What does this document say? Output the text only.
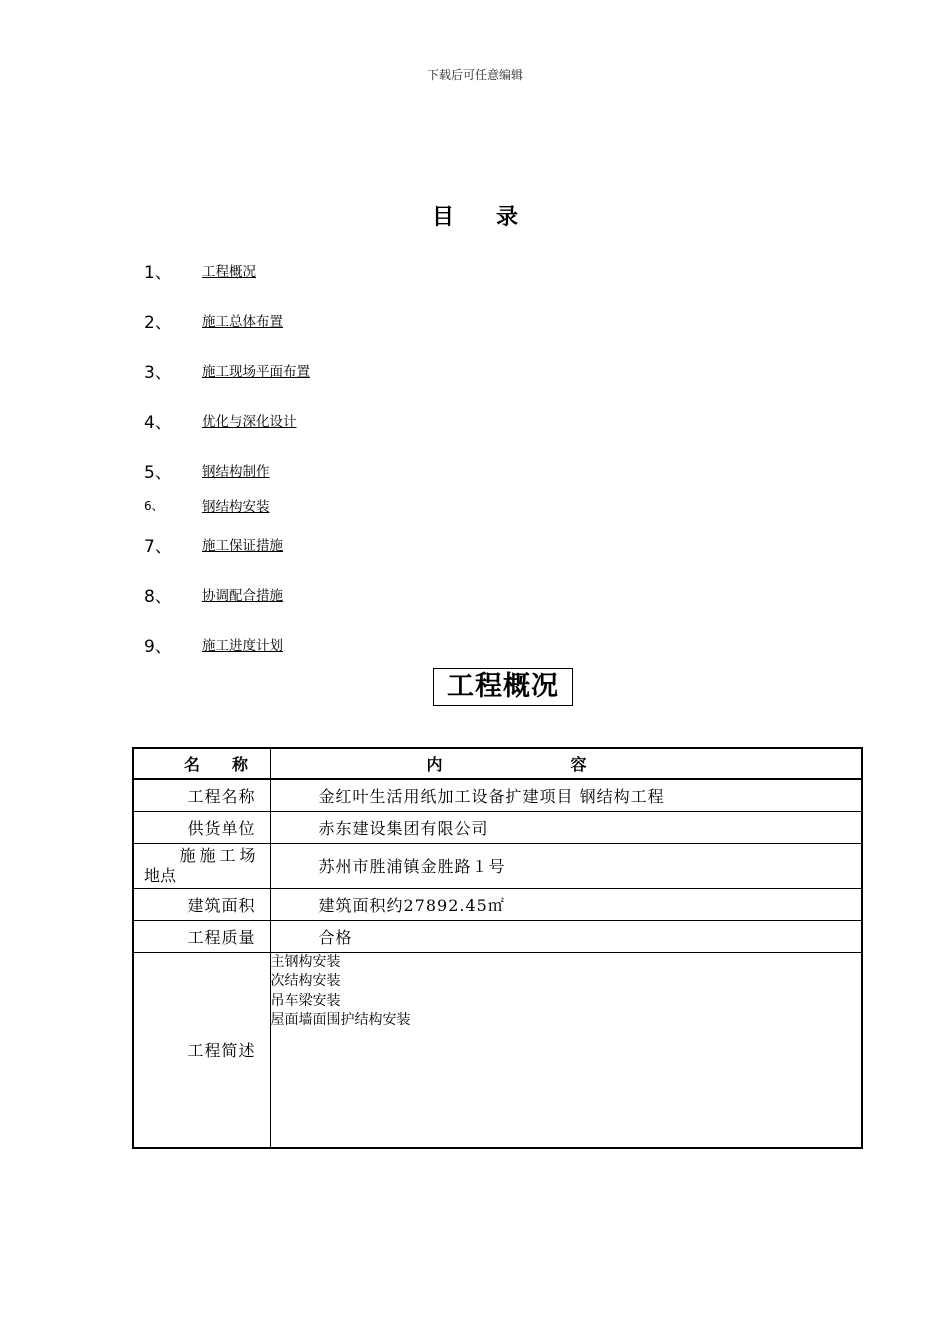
下载后可任意编辑
目录
1、 工程概况
2、 施工总体布置
3、 施工现场平面布置
4、 优化与深化设计
5、 钢结构制作
6、	钢结构安装
7、 施工保证措施
8、 协调配合措施
9、 施工进度计划
工程概况
名　　称	内　　　　　　　　容
工程名称	金红叶生活用纸加工设备扩建项目 钢结构工程
供货单位	赤东建设集团有限公司

施施工场
地点	苏州市胜浦镇金胜路１号
建筑面积	建筑面积约27892.45㎡
工程质量	合格
工程简述	主钢构安装
次结构安装
吊车梁安装
屋面墙面围护结构安装
